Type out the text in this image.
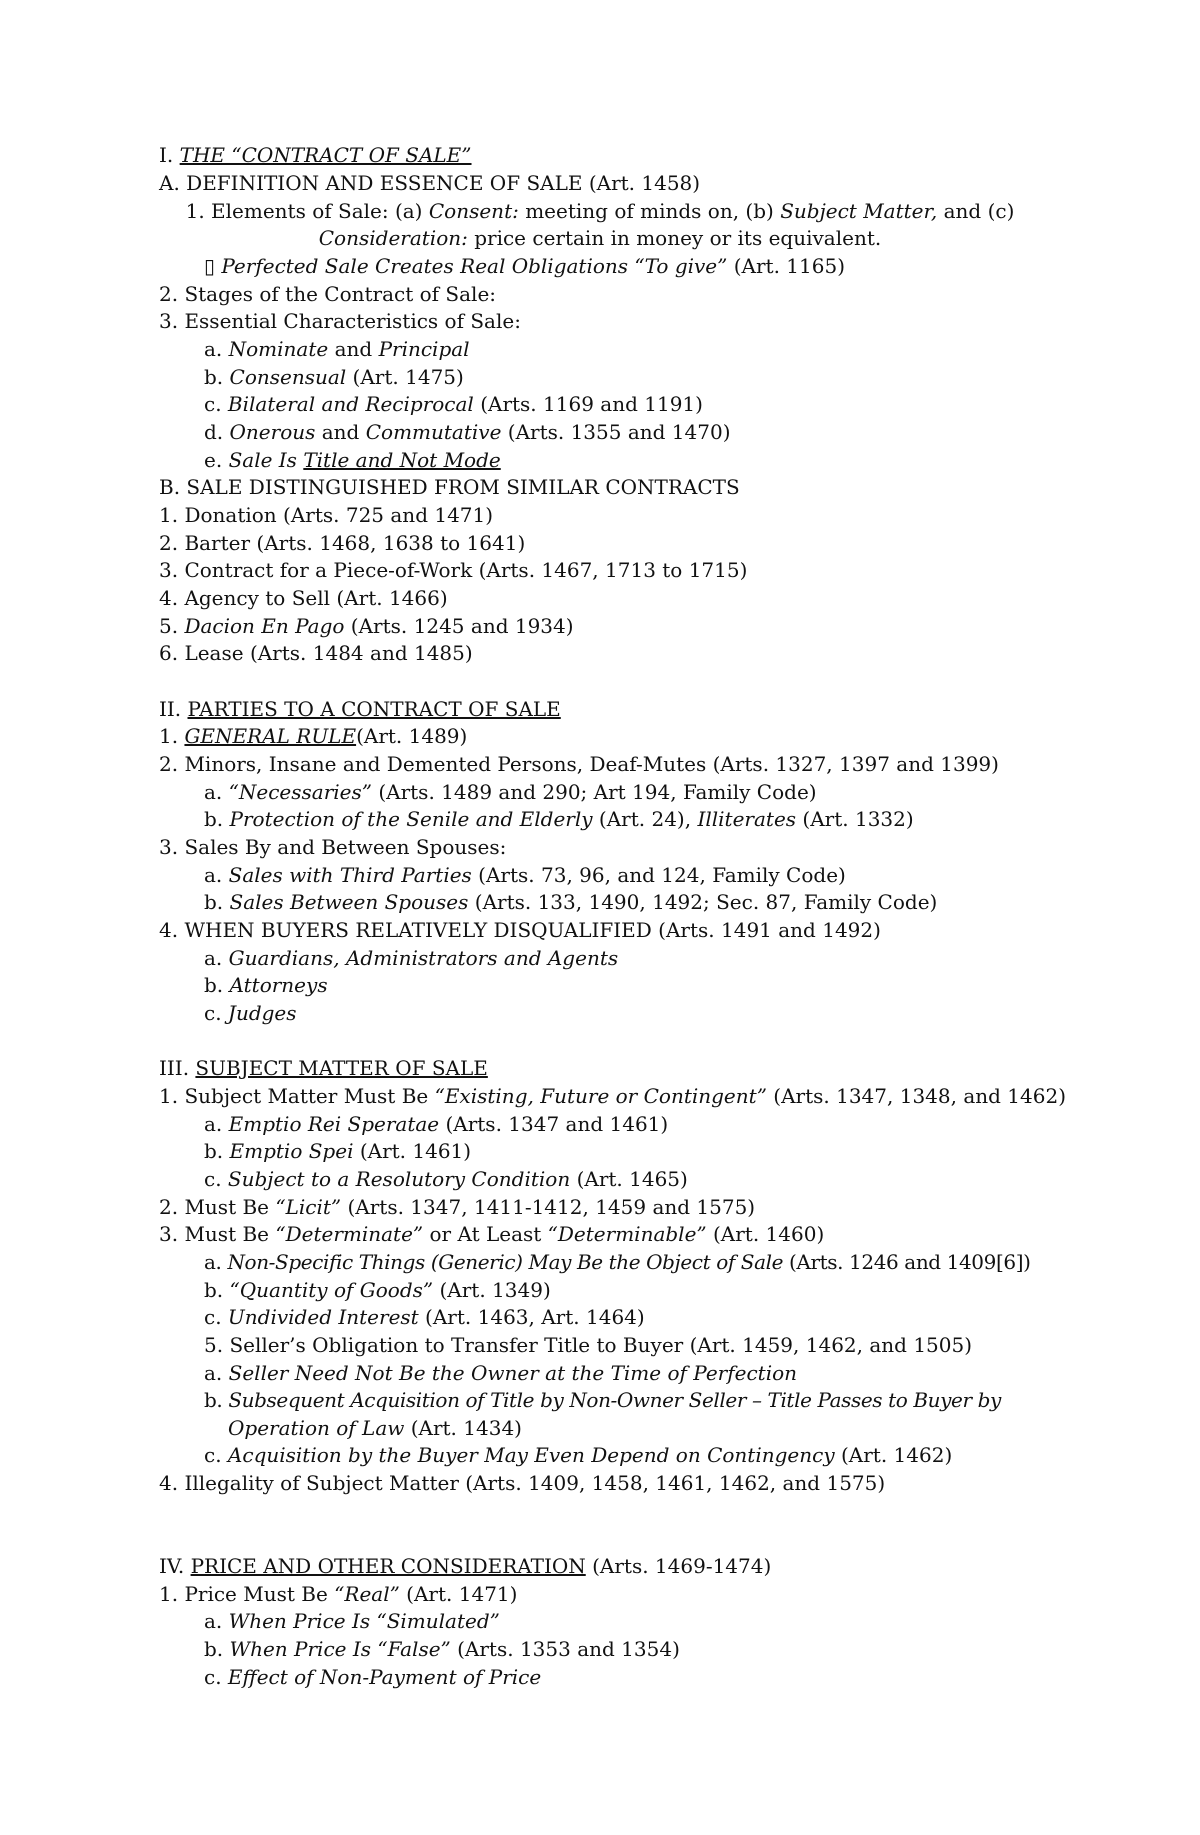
I. THE “CONTRACT OF SALE”
A. DEFINITION AND ESSENCE OF SALE (Art. 1458)
1. Elements of Sale: (a) Consent: meeting of minds on, (b) Subject Matter, and (c)
Consideration: price certain in money or its equivalent.
▯ Perfected Sale Creates Real Obligations “To give” (Art. 1165)
2. Stages of the Contract of Sale:
3. Essential Characteristics of Sale:
a. Nominate and Principal
b. Consensual (Art. 1475)
c. Bilateral and Reciprocal (Arts. 1169 and 1191)
d. Onerous and Commutative (Arts. 1355 and 1470)
e. Sale Is Title and Not Mode
B. SALE DISTINGUISHED FROM SIMILAR CONTRACTS
1. Donation (Arts. 725 and 1471)
2. Barter (Arts. 1468, 1638 to 1641)
3. Contract for a Piece-of-Work (Arts. 1467, 1713 to 1715)
4. Agency to Sell (Art. 1466)
5. Dacion En Pago (Arts. 1245 and 1934)
6. Lease (Arts. 1484 and 1485)
II. PARTIES TO A CONTRACT OF SALE
1. GENERAL RULE(Art. 1489)
2. Minors, Insane and Demented Persons, Deaf-Mutes (Arts. 1327, 1397 and 1399)
a. “Necessaries” (Arts. 1489 and 290; Art 194, Family Code)
b. Protection of the Senile and Elderly (Art. 24), Illiterates (Art. 1332)
3. Sales By and Between Spouses:
a. Sales with Third Parties (Arts. 73, 96, and 124, Family Code)
b. Sales Between Spouses (Arts. 133, 1490, 1492; Sec. 87, Family Code)
4. WHEN BUYERS RELATIVELY DISQUALIFIED (Arts. 1491 and 1492)
a. Guardians, Administrators and Agents
b. Attorneys
c. Judges
III. SUBJECT MATTER OF SALE
1. Subject Matter Must Be “Existing, Future or Contingent” (Arts. 1347, 1348, and 1462)
a. Emptio Rei Speratae (Arts. 1347 and 1461)
b. Emptio Spei (Art. 1461)
c. Subject to a Resolutory Condition (Art. 1465)
2. Must Be “Licit” (Arts. 1347, 1411-1412, 1459 and 1575)
3. Must Be “Determinate” or At Least “Determinable” (Art. 1460)
a. Non-Specific Things (Generic) May Be the Object of Sale (Arts. 1246 and 1409[6])
b. “Quantity of Goods” (Art. 1349)
c. Undivided Interest (Art. 1463, Art. 1464)
5. Seller’s Obligation to Transfer Title to Buyer (Art. 1459, 1462, and 1505)
a. Seller Need Not Be the Owner at the Time of Perfection
b. Subsequent Acquisition of Title by Non-Owner Seller – Title Passes to Buyer by
Operation of Law (Art. 1434)
c. Acquisition by the Buyer May Even Depend on Contingency (Art. 1462)
4. Illegality of Subject Matter (Arts. 1409, 1458, 1461, 1462, and 1575)
IV. PRICE AND OTHER CONSIDERATION (Arts. 1469-1474)
1. Price Must Be “Real” (Art. 1471)
a. When Price Is “Simulated”
b. When Price Is “False” (Arts. 1353 and 1354)
c. Effect of Non-Payment of Price
